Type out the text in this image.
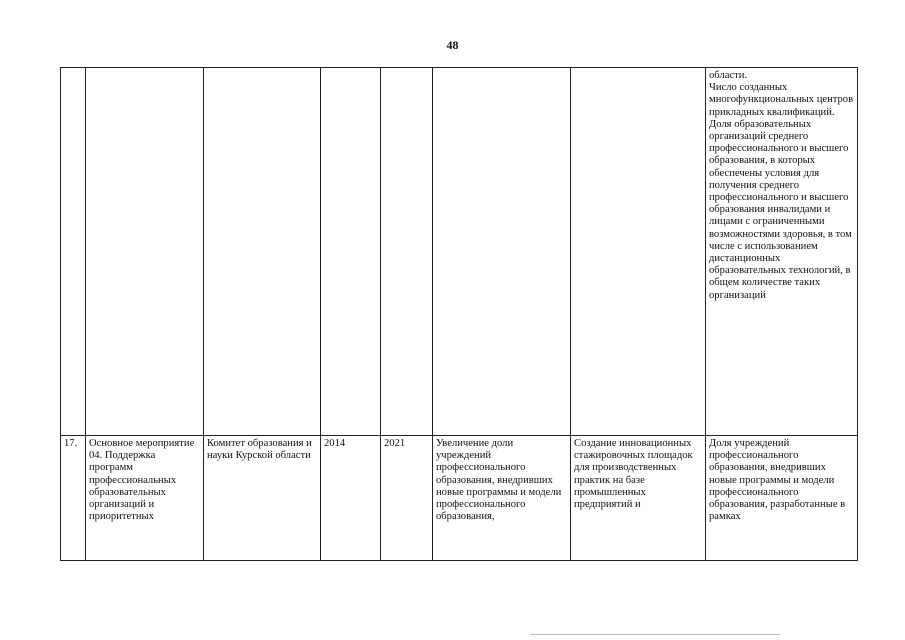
48
							области.
Число созданных многофункциональных центров прикладных квалификаций.
Доля образовательных организаций среднего профессионального и высшего образования, в которых обеспечены условия для получения среднего профессионального и высшего образования инвалидами и лицами с ограниченными возможностями здоровья, в том числе с использованием дистанционных образовательных технологий, в общем количестве таких организаций
17.	Основное мероприятие 04. Поддержка программ профессиональных образовательных организаций и приоритетных	Комитет образования и науки Курской области	2014	2021	Увеличение доли учреждений профессионального образования, внедривших новые программы и модели профессионального образования,	Создание инновационных стажировочных площадок для производственных практик на базе промышленных предприятий и	Доля учреждений профессионального образования, внедривших новые программы и модели профессионального образования, разработанные в рамках
